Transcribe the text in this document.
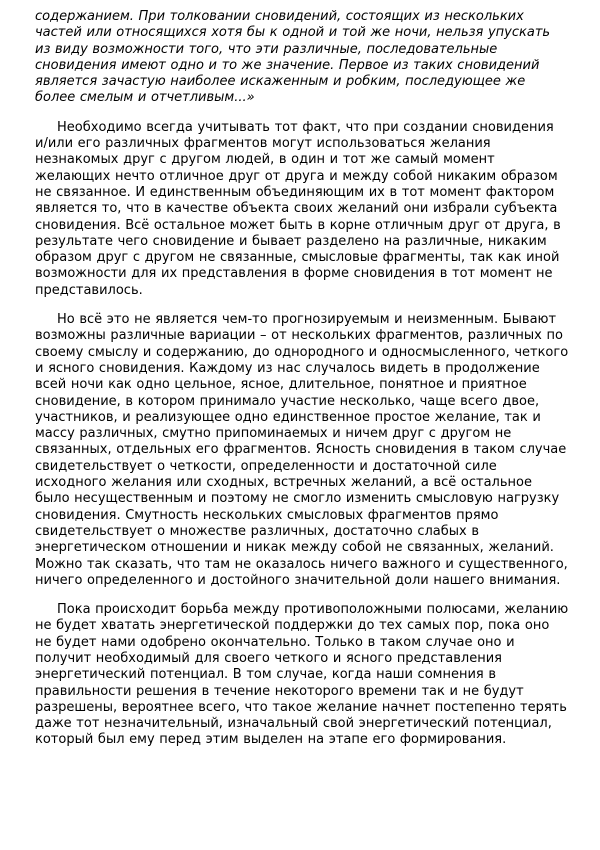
содержанием. При толковании сновидений, состоящих из нескольких частей или относящихся хотя бы к одной и той же ночи, нельзя упускать из виду возможности того, что эти различные, последовательные сновидения имеют одно и то же значение. Первое из таких сновидений является зачастую наиболее искаженным и робким, последующее же более смелым и отчетливым...»

Необходимо всегда учитывать тот факт, что при создании сновидения и/или его различных фрагментов могут использоваться желания незнакомых друг с другом людей, в один и тот же самый момент желающих нечто отличное друг от друга и между собой никаким образом не связанное. И единственным объединяющим их в тот момент фактором является то, что в качестве объекта своих желаний они избрали субъекта сновидения. Всё остальное может быть в корне отличным друг от друга, в результате чего сновидение и бывает разделено на различные, никаким образом друг с другом не связанные, смысловые фрагменты, так как иной возможности для их представления в форме сновидения в тот момент не представилось.

Но всё это не является чем-то прогнозируемым и неизменным. Бывают возможны различные вариации – от нескольких фрагментов, различных по своему смыслу и содержанию, до однородного и односмысленного, четкого и ясного сновидения. Каждому из нас случалось видеть в продолжение всей ночи как одно цельное, ясное, длительное, понятное и приятное сновидение, в котором принимало участие несколько, чаще всего двое, участников, и реализующее одно единственное простое желание, так и массу различных, смутно припоминаемых и ничем друг с другом не связанных, отдельных его фрагментов. Ясность сновидения в таком случае свидетельствует о четкости, определенности и достаточной силе исходного желания или сходных, встречных желаний, а всё остальное было несущественным и поэтому не смогло изменить смысловую нагрузку сновидения. Смутность нескольких смысловых фрагментов прямо свидетельствует о множестве различных, достаточно слабых в энергетическом отношении и никак между собой не связанных, желаний. Можно так сказать, что там не оказалось ничего важного и существенного, ничего определенного и достойного значительной доли нашего внимания.

Пока происходит борьба между противоположными полюсами, желанию не будет хватать энергетической поддержки до тех самых пор, пока оно не будет нами одобрено окончательно. Только в таком случае оно и получит необходимый для своего четкого и ясного представления энергетический потенциал. В том случае, когда наши сомнения в правильности решения в течение некоторого времени так и не будут разрешены, вероятнее всего, что такое желание начнет постепенно терять даже тот незначительный, изначальный свой энергетический потенциал, который был ему перед этим выделен на этапе его формирования.
